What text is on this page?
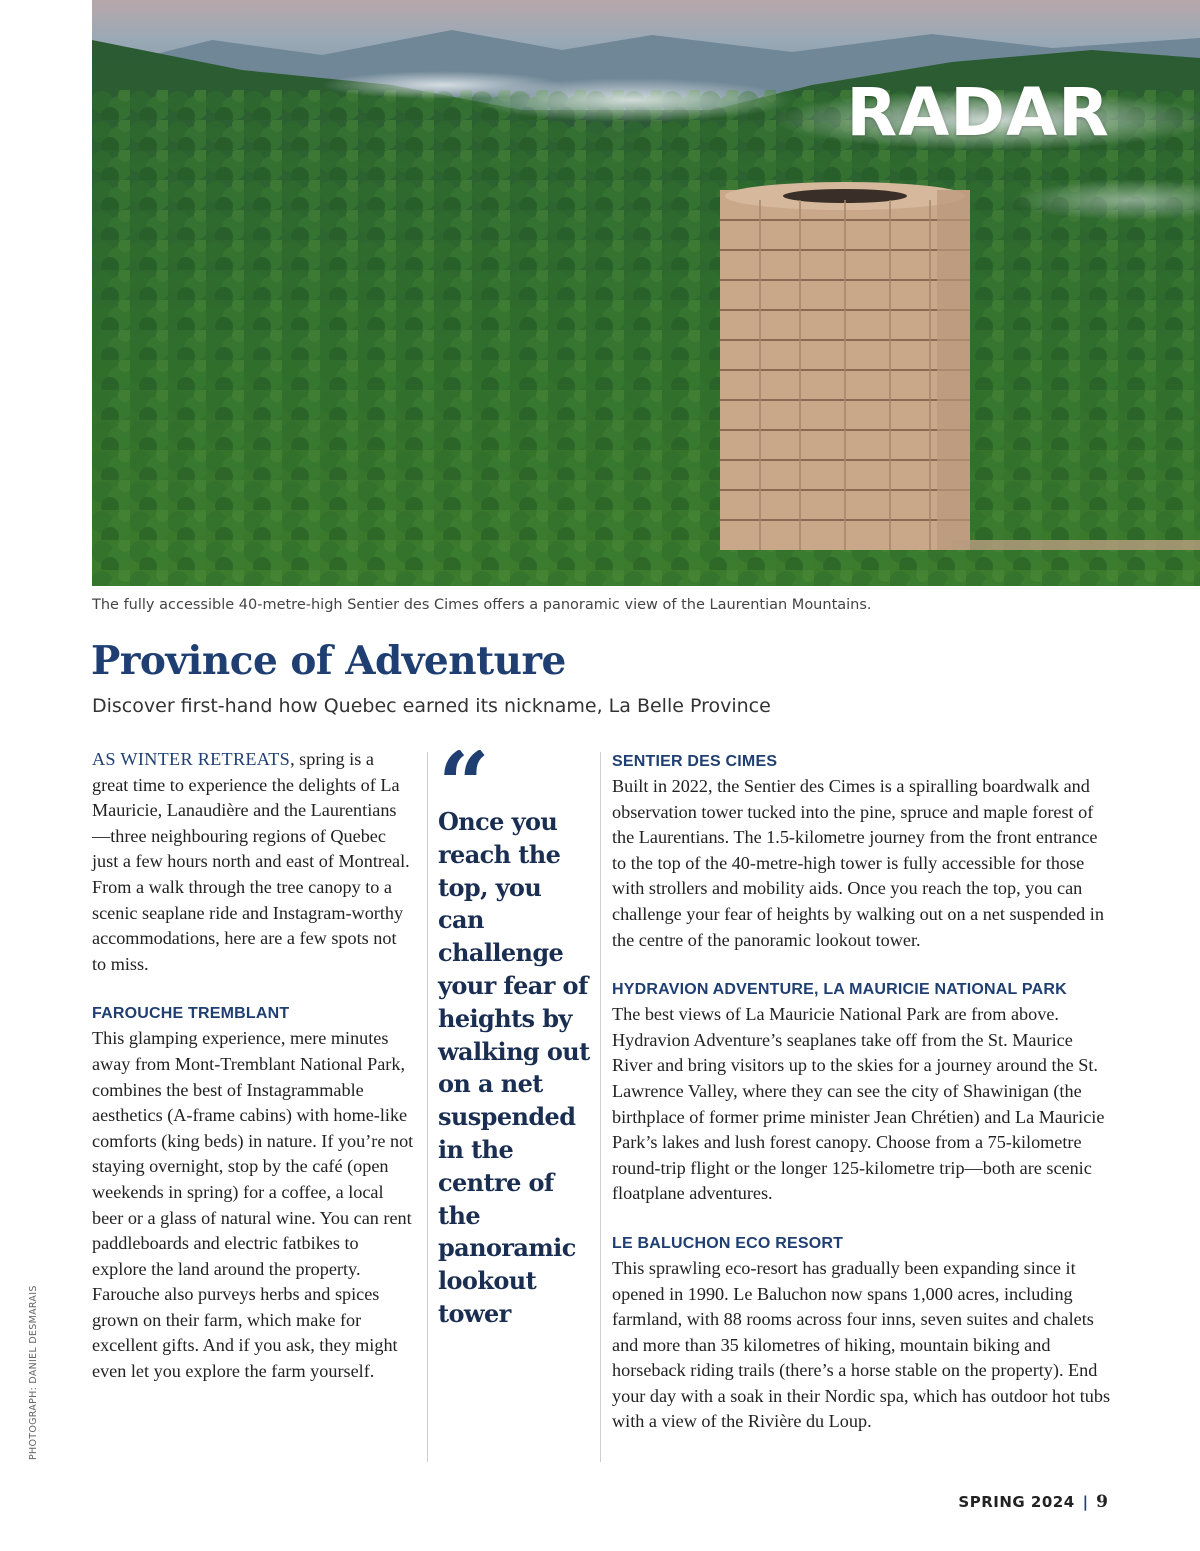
RADAR
The fully accessible 40-metre-high Sentier des Cimes offers a panoramic view of the Laurentian Mountains.
Province of Adventure
Discover first-hand how Quebec earned its nickname, La Belle Province

AS WINTER RETREATS, spring is a great time to experience the delights of La Mauricie, Lanaudière and the Laurentians—three neighbouring regions of Quebec just a few hours north and east of Montreal. From a walk through the tree canopy to a scenic seaplane ride and Instagram-worthy accommodations, here are a few spots not to miss.

FAROUCHE TREMBLANT

This glamping experience, mere minutes away from Mont-Tremblant National Park, combines the best of Instagrammable aesthetics (A-frame cabins) with home-like comforts (king beds) in nature. If you’re not staying overnight, stop by the café (open weekends in spring) for a coffee, a local beer or a glass of natural wine. You can rent paddleboards and electric fatbikes to explore the land around the property. Farouche also purveys herbs and spices grown on their farm, which make for excellent gifts. And if you ask, they might even let you explore the farm yourself.

Once you reach the top, you can challenge your fear of heights by walking out on a net suspended in the centre of the panoramic lookout tower

SENTIER DES CIMES

Built in 2022, the Sentier des Cimes is a spiralling boardwalk and observation tower tucked into the pine, spruce and maple forest of the Laurentians. The 1.5-kilometre journey from the front entrance to the top of the 40-metre-high tower is fully accessible for those with strollers and mobility aids. Once you reach the top, you can challenge your fear of heights by walking out on a net suspended in the centre of the panoramic lookout tower.

HYDRAVION ADVENTURE, LA MAURICIE NATIONAL PARK

The best views of La Mauricie National Park are from above. Hydravion Adventure’s seaplanes take off from the St. Maurice River and bring visitors up to the skies for a journey around the St. Lawrence Valley, where they can see the city of Shawinigan (the birthplace of former prime minister Jean Chrétien) and La Mauricie Park’s lakes and lush forest canopy. Choose from a 75-kilometre round-trip flight or the longer 125-kilometre trip—both are scenic floatplane adventures.

LE BALUCHON ECO RESORT

This sprawling eco-resort has gradually been expanding since it opened in 1990. Le Baluchon now spans 1,000 acres, including farmland, with 88 rooms across four inns, seven suites and chalets and more than 35 kilometres of hiking, mountain biking and horseback riding trails (there’s a horse stable on the property). End your day with a soak in their Nordic spa, which has outdoor hot tubs with a view of the Rivière du Loup.

PHOTOGRAPH: DANIEL DESMARAIS
SPRING 2024 | 9
